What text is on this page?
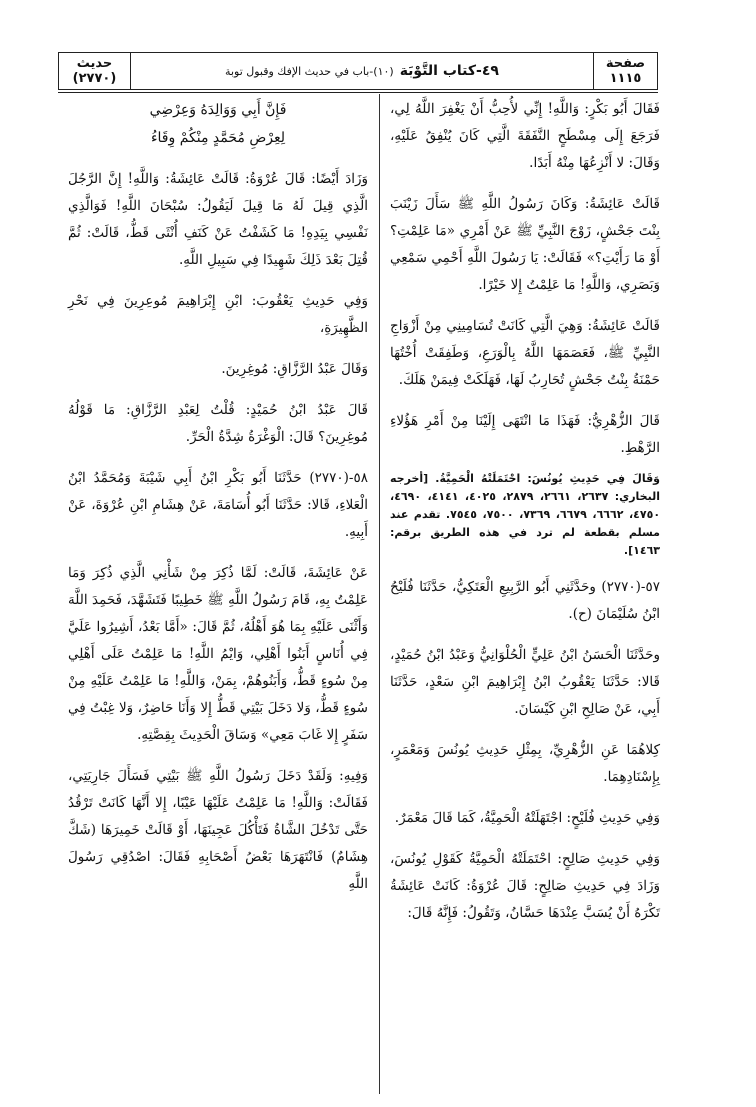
صفحة
١١١٥
٤٩-كتاب التَّوْبَة
(١٠)-باب في حديث الإفك وقبول توبة
حديث
(٢٧٧٠)

فَقَالَ أَبُو بَكْرٍ: وَاللَّهِ! إِنِّي لأُحِبُّ أَنْ يَغْفِرَ اللَّهُ لِي، فَرَجَعَ إِلَى مِسْطَحٍ النَّفَقَةَ الَّتِي كَانَ يُنْفِقُ عَلَيْهِ، وَقَالَ: لا أَنْزِعُهَا مِنْهُ أَبَدًا.

قَالَتْ عَائِشَةُ: وَكَانَ رَسُولُ اللَّهِ ﷺ سَأَلَ زَيْنَبَ بِنْتَ جَحْشٍ، زَوْجَ النَّبِيِّ ﷺ عَنْ أَمْرِي «مَا عَلِمْتِ؟ أَوْ مَا رَأَيْتِ؟» فَقَالَتْ: يَا رَسُولَ اللَّهِ أَحْمِي سَمْعِي وَبَصَرِي، وَاللَّهِ! مَا عَلِمْتُ إِلا خَيْرًا.

قَالَتْ عَائِشَةُ: وَهِيَ الَّتِي كَانَتْ تُسَامِينِي مِنْ أَزْوَاجِ النَّبِيِّ ﷺ، فَعَصَمَهَا اللَّهُ بِالْوَرَعِ، وَطَفِقَتْ أُخْتُهَا حَمْنَةُ بِنْتُ جَحْشٍ تُحَارِبُ لَهَا، فَهَلَكَتْ فِيمَنْ هَلَكَ.

قَالَ الزُّهْرِيُّ: فَهَذَا مَا انْتَهَى إِلَيْنَا مِنْ أَمْرِ هَؤُلاءِ الرَّهْطِ.

وَقَالَ فِي حَدِيثِ يُونُسَ: احْتَمَلَتْهُ الْحَمِيَّةُ. [أخرجه البخاري: ٢٦٣٧، ٢٦٦١، ٢٨٧٩، ٤٠٢٥، ٤١٤١، ٤٦٩٠، ٤٧٥٠، ٦٦٦٢، ٦٦٧٩، ٧٣٦٩، ٧٥٠٠، ٧٥٤٥. تقدم عند مسلم بقطعة لم ترد في هذه الطريق برقم: ١٤٦٣].

٥٧-(٢٧٧٠) وحَدَّثَنِي أَبُو الرَّبِيعِ الْعَتَكِيُّ، حَدَّثَنَا فُلَيْحُ ابْنُ سُلَيْمَانَ (ح).

وحَدَّثَنَا الْحَسَنُ ابْنُ عَلِيٍّ الْحُلْوَانِيُّ وَعَبْدُ ابْنُ حُمَيْدٍ، قَالا: حَدَّثَنَا يَعْقُوبُ ابْنُ إِبْرَاهِيمَ ابْنِ سَعْدٍ، حَدَّثَنَا أَبِي، عَنْ صَالِحِ ابْنِ كَيْسَانَ.

كِلاهُمَا عَنِ الزُّهْرِيِّ، بِمِثْلِ حَدِيثِ يُونُسَ وَمَعْمَرٍ، بِإِسْنَادِهِمَا.

وَفِي حَدِيثِ فُلَيْحٍ: اجْتَهَلَتْهُ الْحَمِيَّةُ، كَمَا قَالَ مَعْمَرٌ.

وَفِي حَدِيثِ صَالِحٍ: احْتَمَلَتْهُ الْحَمِيَّةُ كَقَوْلِ يُونُسَ، وَزَادَ فِي حَدِيثِ صَالِحٍ: قَالَ عُرْوَةُ: كَانَتْ عَائِشَةُ تَكْرَهُ أَنْ يُسَبَّ عِنْدَهَا حَسَّانُ، وَتَقُولُ: فَإِنَّهُ قَالَ:

فَإِنَّ أَبِي وَوَالِدَهُ وَعِرْضِي

لِعِرْضِ مُحَمَّدٍ مِنْكُمْ وِقَاءُ

وَزَادَ أَيْضًا: قَالَ عُرْوَةُ: قَالَتْ عَائِشَةُ: وَاللَّهِ! إِنَّ الرَّجُلَ الَّذِي قِيلَ لَهُ مَا قِيلَ لَيَقُولُ: سُبْحَانَ اللَّهِ! فَوَالَّذِي نَفْسِي بِيَدِهِ! مَا كَشَفْتُ عَنْ كَنَفِ أُنْثَى قَطُّ، قَالَتْ: ثُمَّ قُتِلَ بَعْدَ ذَلِكَ شَهِيدًا فِي سَبِيلِ اللَّهِ.

وَفِي حَدِيثِ يَعْقُوبَ: ابْنِ إِبْرَاهِيمَ مُوعِرِينَ فِي نَحْرِ الظَّهِيرَةِ،

وَقَالَ عَبْدُ الرَّزَّاقِ: مُوغِرِينَ.

قَالَ عَبْدُ ابْنُ حُمَيْدٍ: قُلْتُ لِعَبْدِ الرَّزَّاقِ: مَا قَوْلُهُ مُوغِرِينَ؟ قَالَ: الْوَغْرَةُ شِدَّةُ الْحَرِّ.

٥٨-(٢٧٧٠) حَدَّثَنَا أَبُو بَكْرِ ابْنُ أَبِي شَيْبَةَ وَمُحَمَّدُ ابْنُ الْعَلاءِ، قَالا: حَدَّثَنَا أَبُو أُسَامَةَ، عَنْ هِشَامِ ابْنِ عُرْوَةَ، عَنْ أَبِيهِ.

عَنْ عَائِشَةَ، قَالَتْ: لَمَّا ذُكِرَ مِنْ شَأْنِي الَّذِي ذُكِرَ وَمَا عَلِمْتُ بِهِ، قَامَ رَسُولُ اللَّهِ ﷺ خَطِيبًا فَتَشَهَّدَ، فَحَمِدَ اللَّهَ وَأَثْنَى عَلَيْهِ بِمَا هُوَ أَهْلُهُ، ثُمَّ قَالَ: «أَمَّا بَعْدُ، أَشِيرُوا عَلَيَّ فِي أُنَاسٍ أَبَنُوا أَهْلِي، وَايْمُ اللَّهِ! مَا عَلِمْتُ عَلَى أَهْلِي مِنْ سُوءٍ قَطُّ، وَأَبَنُوهُمْ، بِمَنْ، وَاللَّهِ! مَا عَلِمْتُ عَلَيْهِ مِنْ سُوءٍ قَطُّ، وَلا دَخَلَ بَيْتِي قَطُّ إِلا وَأَنَا حَاضِرٌ، وَلا غِبْتُ فِي سَفَرٍ إِلا غَابَ مَعِي» وَسَاقَ الْحَدِيثَ بِقِصَّتِهِ.

وَفِيهِ: وَلَقَدْ دَخَلَ رَسُولُ اللَّهِ ﷺ بَيْتِي فَسَأَلَ جَارِيَتِي، فَقَالَتْ: وَاللَّهِ! مَا عَلِمْتُ عَلَيْهَا عَيْبًا، إِلا أَنَّهَا كَانَتْ تَرْقُدُ حَتَّى تَدْخُلَ الشَّاةُ فَتَأْكُلَ عَجِينَهَا، أَوْ قَالَتْ خَمِيرَهَا (شَكَّ هِشَامٌ) فَانْتَهَرَهَا بَعْضُ أَصْحَابِهِ فَقَالَ: اصْدُقِي رَسُولَ اللَّهِ
